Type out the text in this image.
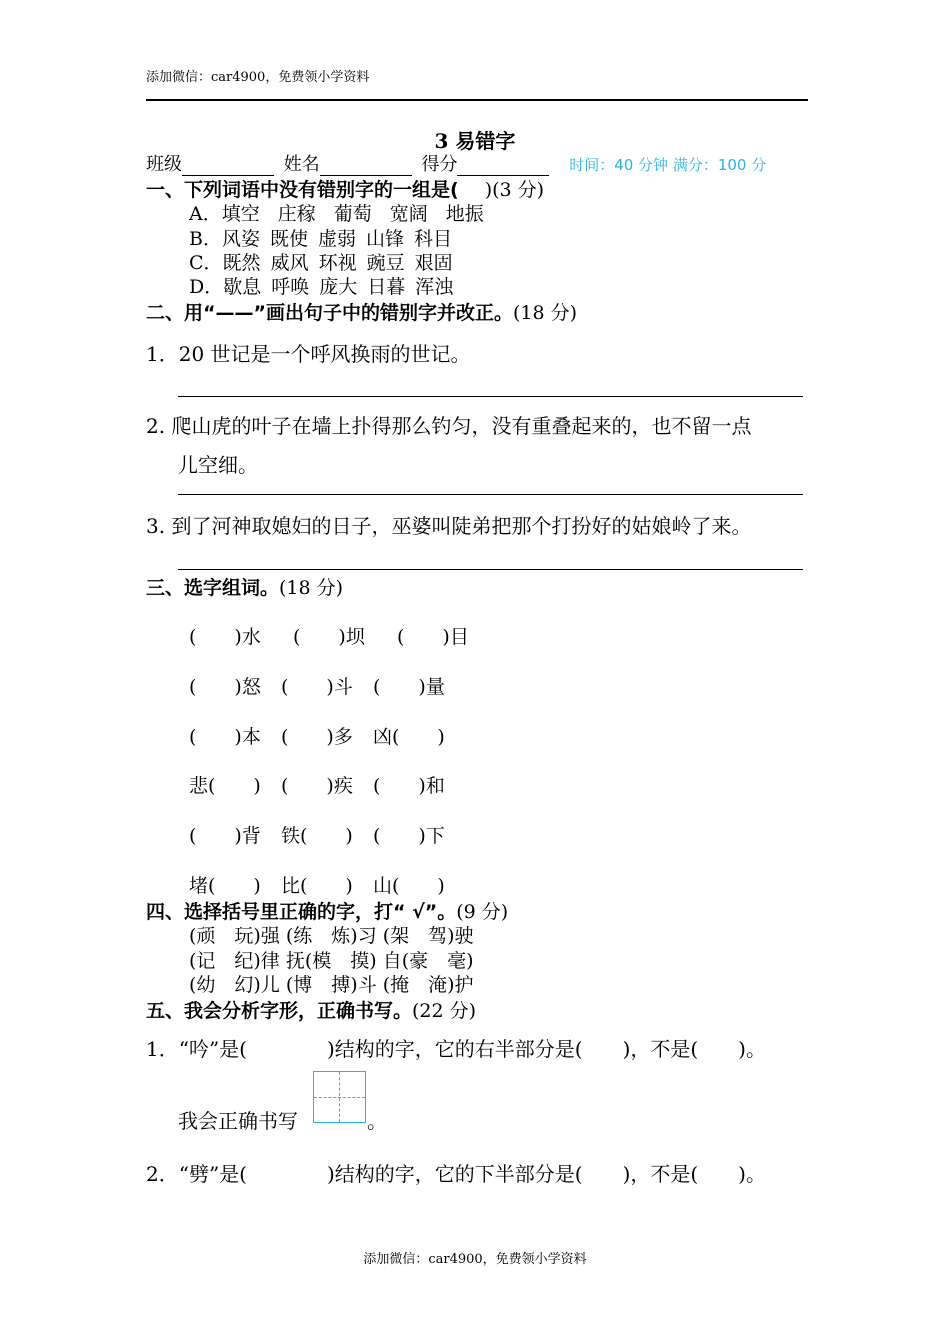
添加微信：car4900，免费领小学资料
3 易错字
班级	姓名	得分	时间：40 分钟 满分：100 分
一、下列词语中没有错别字的一组是( )(3 分)
A．填空 庄稼 葡萄 宽阔 地振
B．风姿 既使 虚弱 山锋 科目
C．既然 威风 环视 豌豆 艰固
D．歇息 呼唤 庞大 日暮 浑浊
二、用“——”画出句子中的错别字并改正。(18 分)
1．20 世记是一个呼风换雨的世记。
2. 爬山虎的叶子在墙上扑得那么钓匀，没有重叠起来的，也不留一点
儿空细。
3. 到了河神取媳妇的日子，巫婆叫陡弟把那个打扮好的姑娘岭了来。
三、选字组词。(18 分)
(　　)水 (　　)坝 (　　)目
(　　)怒 (　　)斗 (　　)量
(　　)本 (　　)多 凶(　　)
悲(　　) (　　)疾 (　　)和
(　　)背 铁(　　) (　　)下
堵(　　) 比(　　) 山(　　)
四、选择括号里正确的字，打“ √”。(9 分)
(顽　玩)强 (练　炼)习 (架　驾)驶
(记　纪)律 抚(模　摸) 自(豪　毫)
(幼　幻)儿 (博　搏)斗 (掩　淹)护
五、我会分析字形，正确书写。(22 分)
1．“吟”是(　　　　)结构的字，它的右半部分是(　　)，不是(　　)。
我会正确书写	。
2．“劈”是(　　　　)结构的字，它的下半部分是(　　)，不是(　　)。
添加微信：car4900，免费领小学资料
